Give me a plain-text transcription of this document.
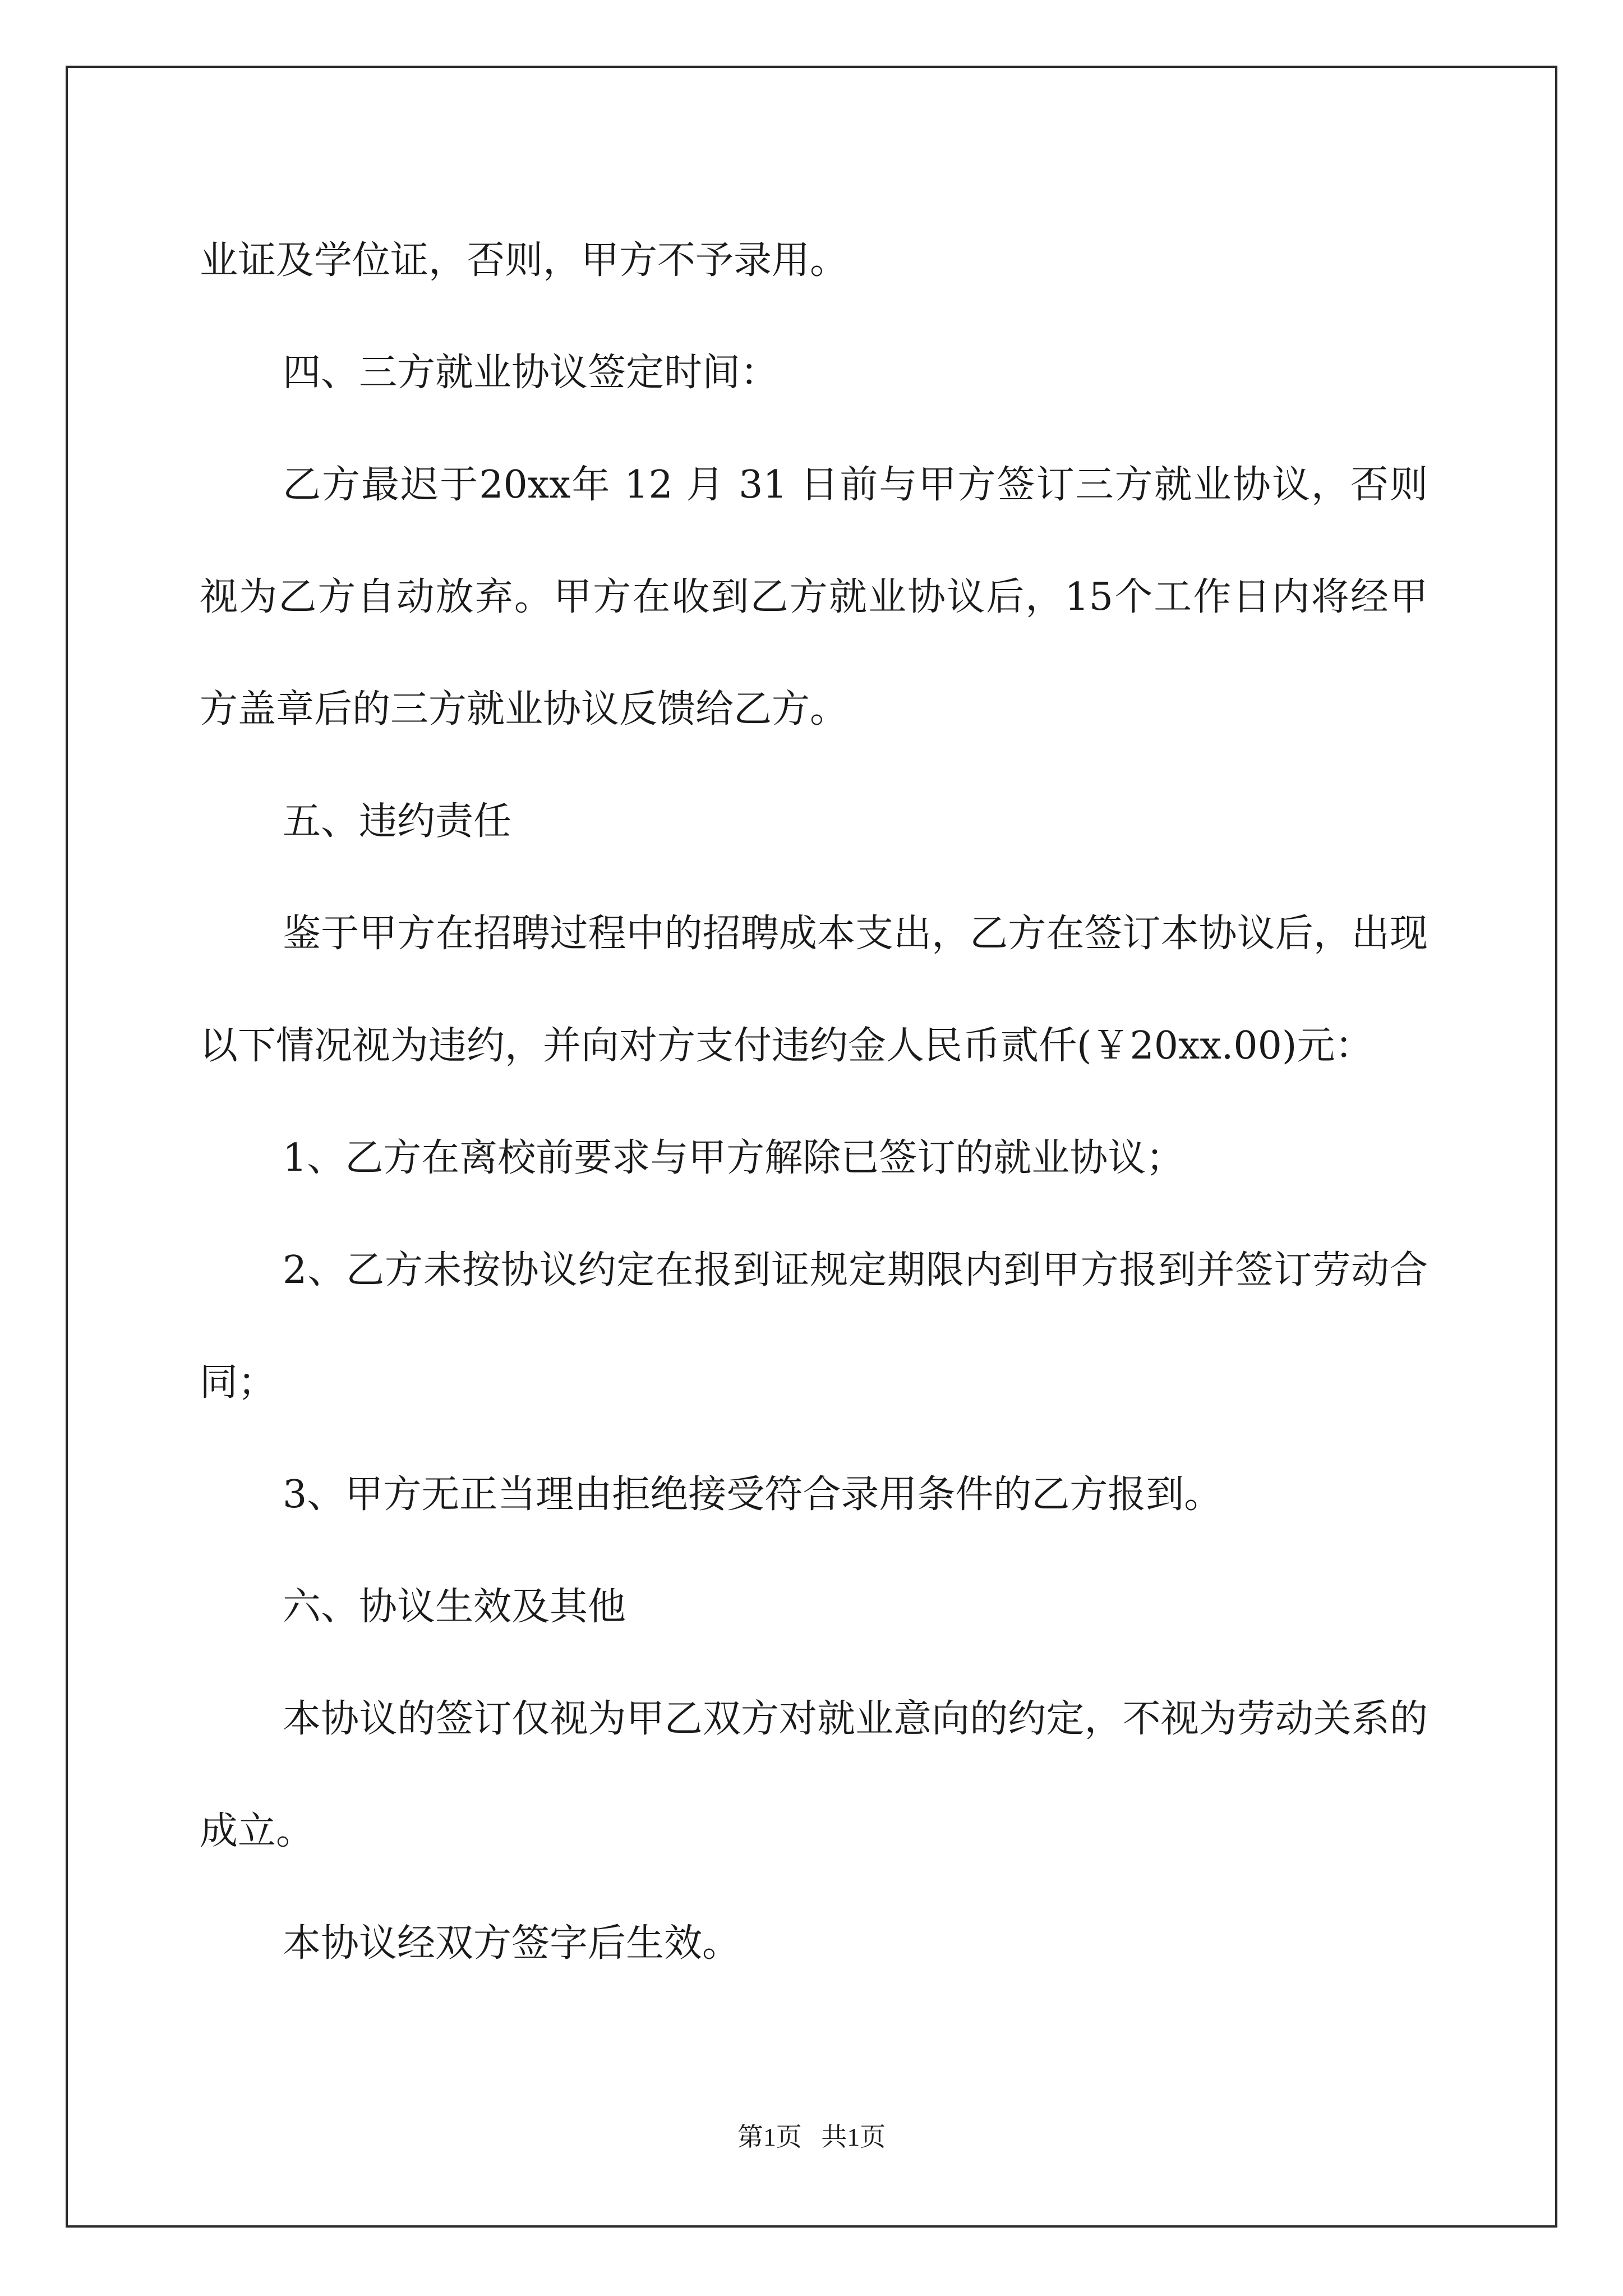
业证及学位证，否则，甲方不予录用。

四、三方就业协议签定时间：

乙方最迟于20xx年 12 月 31 日前与甲方签订三方就业协议，否则视为乙方自动放弃。甲方在收到乙方就业协议后，15个工作日内将经甲方盖章后的三方就业协议反馈给乙方。

五、违约责任

鉴于甲方在招聘过程中的招聘成本支出，乙方在签订本协议后，出现以下情况视为违约，并向对方支付违约金人民币贰仟(￥20xx.00)元：

1、乙方在离校前要求与甲方解除已签订的就业协议；

2、乙方未按协议约定在报到证规定期限内到甲方报到并签订劳动合同；

3、甲方无正当理由拒绝接受符合录用条件的乙方报到。

六、协议生效及其他

本协议的签订仅视为甲乙双方对就业意向的约定，不视为劳动关系的成立。

本协议经双方签字后生效。

第1页 共1页
